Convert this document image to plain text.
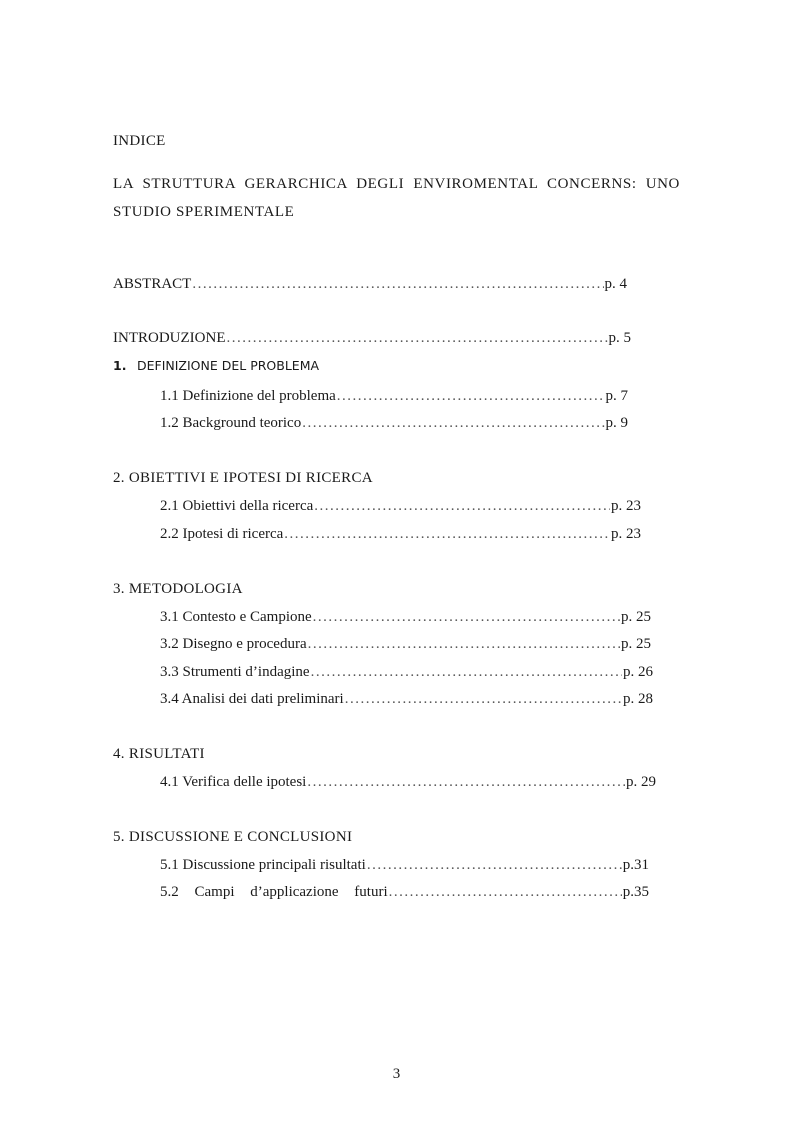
INDICE
LA STRUTTURA GERARCHICA DEGLI ENVIROMENTAL CONCERNS: UNO
STUDIO SPERIMENTALE
ABSTRACT .....	p. 4
INTRODUZIONE .....	p. 5
1. DEFINIZIONE DEL PROBLEMA
1.1 Definizione del problema .....	p. 7
1.2 Background teorico .....	p. 9
2. OBIETTIVI E IPOTESI DI RICERCA
2.1 Obiettivi della ricerca .....	p. 23
2.2 Ipotesi di ricerca .....	p. 23
3. METODOLOGIA
3.1 Contesto e Campione .....	p. 25
3.2 Disegno e procedura .....	p. 25
3.3 Strumenti d’indagine .....	p. 26
3.4 Analisi dei dati preliminari .....	p. 28
4. RISULTATI
4.1 Verifica delle ipotesi .....	p. 29
5. DISCUSSIONE E CONCLUSIONI
5.1 Discussione principali risultati .....	p.31
5.2 Campi d’applicazione futuri .....	p.35
3
